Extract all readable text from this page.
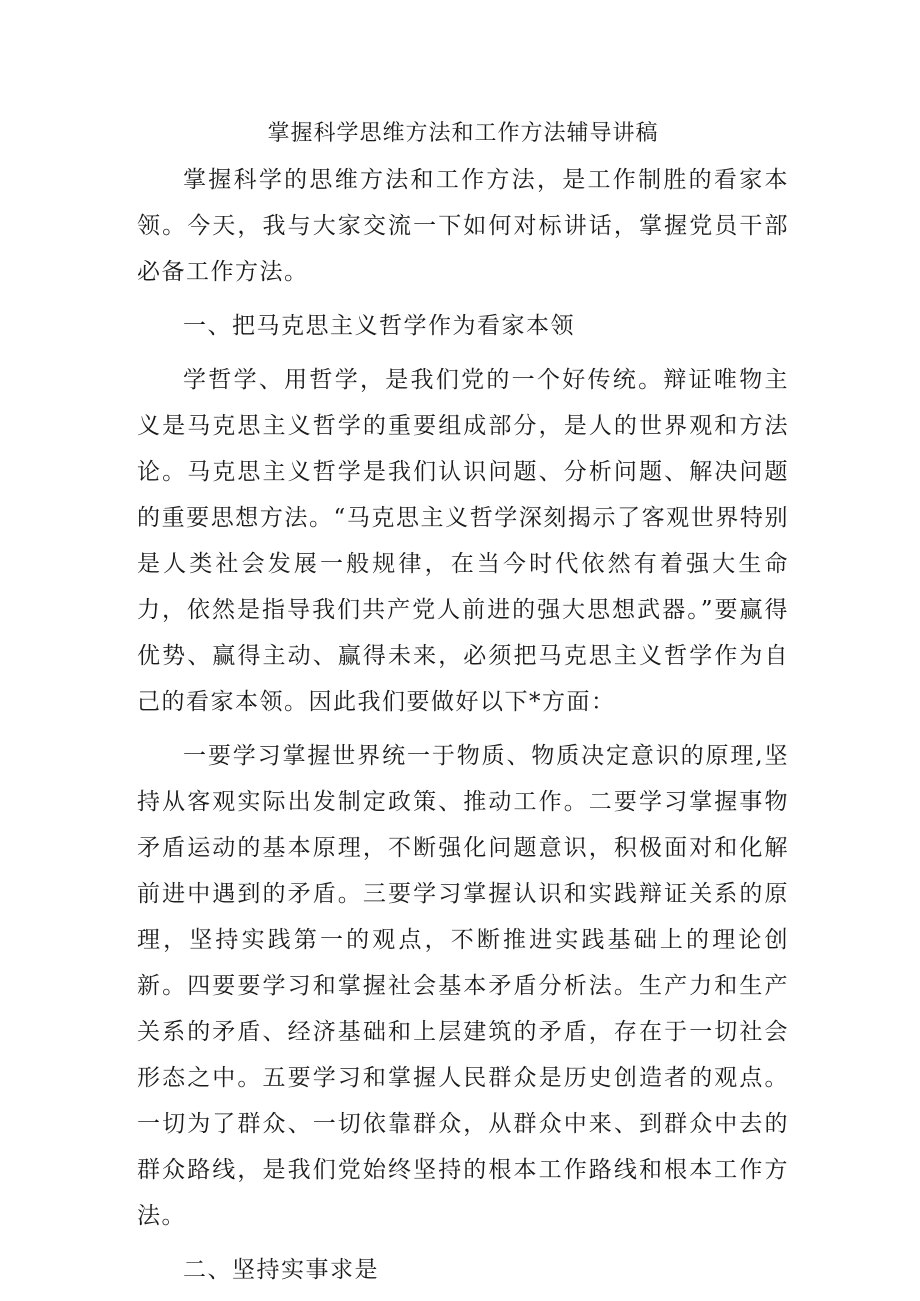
掌握科学思维方法和工作方法辅导讲稿

掌握科学的思维方法和工作方法，是工作制胜的看家本领。今天，我与大家交流一下如何对标讲话，掌握党员干部必备工作方法。

一、把马克思主义哲学作为看家本领

学哲学、用哲学，是我们党的一个好传统。辩证唯物主义是马克思主义哲学的重要组成部分，是人的世界观和方法论。马克思主义哲学是我们认识问题、分析问题、解决问题的重要思想方法。“马克思主义哲学深刻揭示了客观世界特别是人类社会发展一般规律，在当今时代依然有着强大生命力，依然是指导我们共产党人前进的强大思想武器。”要赢得优势、赢得主动、赢得未来，必须把马克思主义哲学作为自己的看家本领。因此我们要做好以下*方面：

一要学习掌握世界统一于物质、物质决定意识的原理,坚持从客观实际出发制定政策、推动工作。二要学习掌握事物矛盾运动的基本原理，不断强化问题意识，积极面对和化解前进中遇到的矛盾。三要学习掌握认识和实践辩证关系的原理，坚持实践第一的观点，不断推进实践基础上的理论创新。四要要学习和掌握社会基本矛盾分析法。生产力和生产关系的矛盾、经济基础和上层建筑的矛盾，存在于一切社会形态之中。五要学习和掌握人民群众是历史创造者的观点。一切为了群众、一切依靠群众，从群众中来、到群众中去的群众路线，是我们党始终坚持的根本工作路线和根本工作方法。

二、坚持实事求是
